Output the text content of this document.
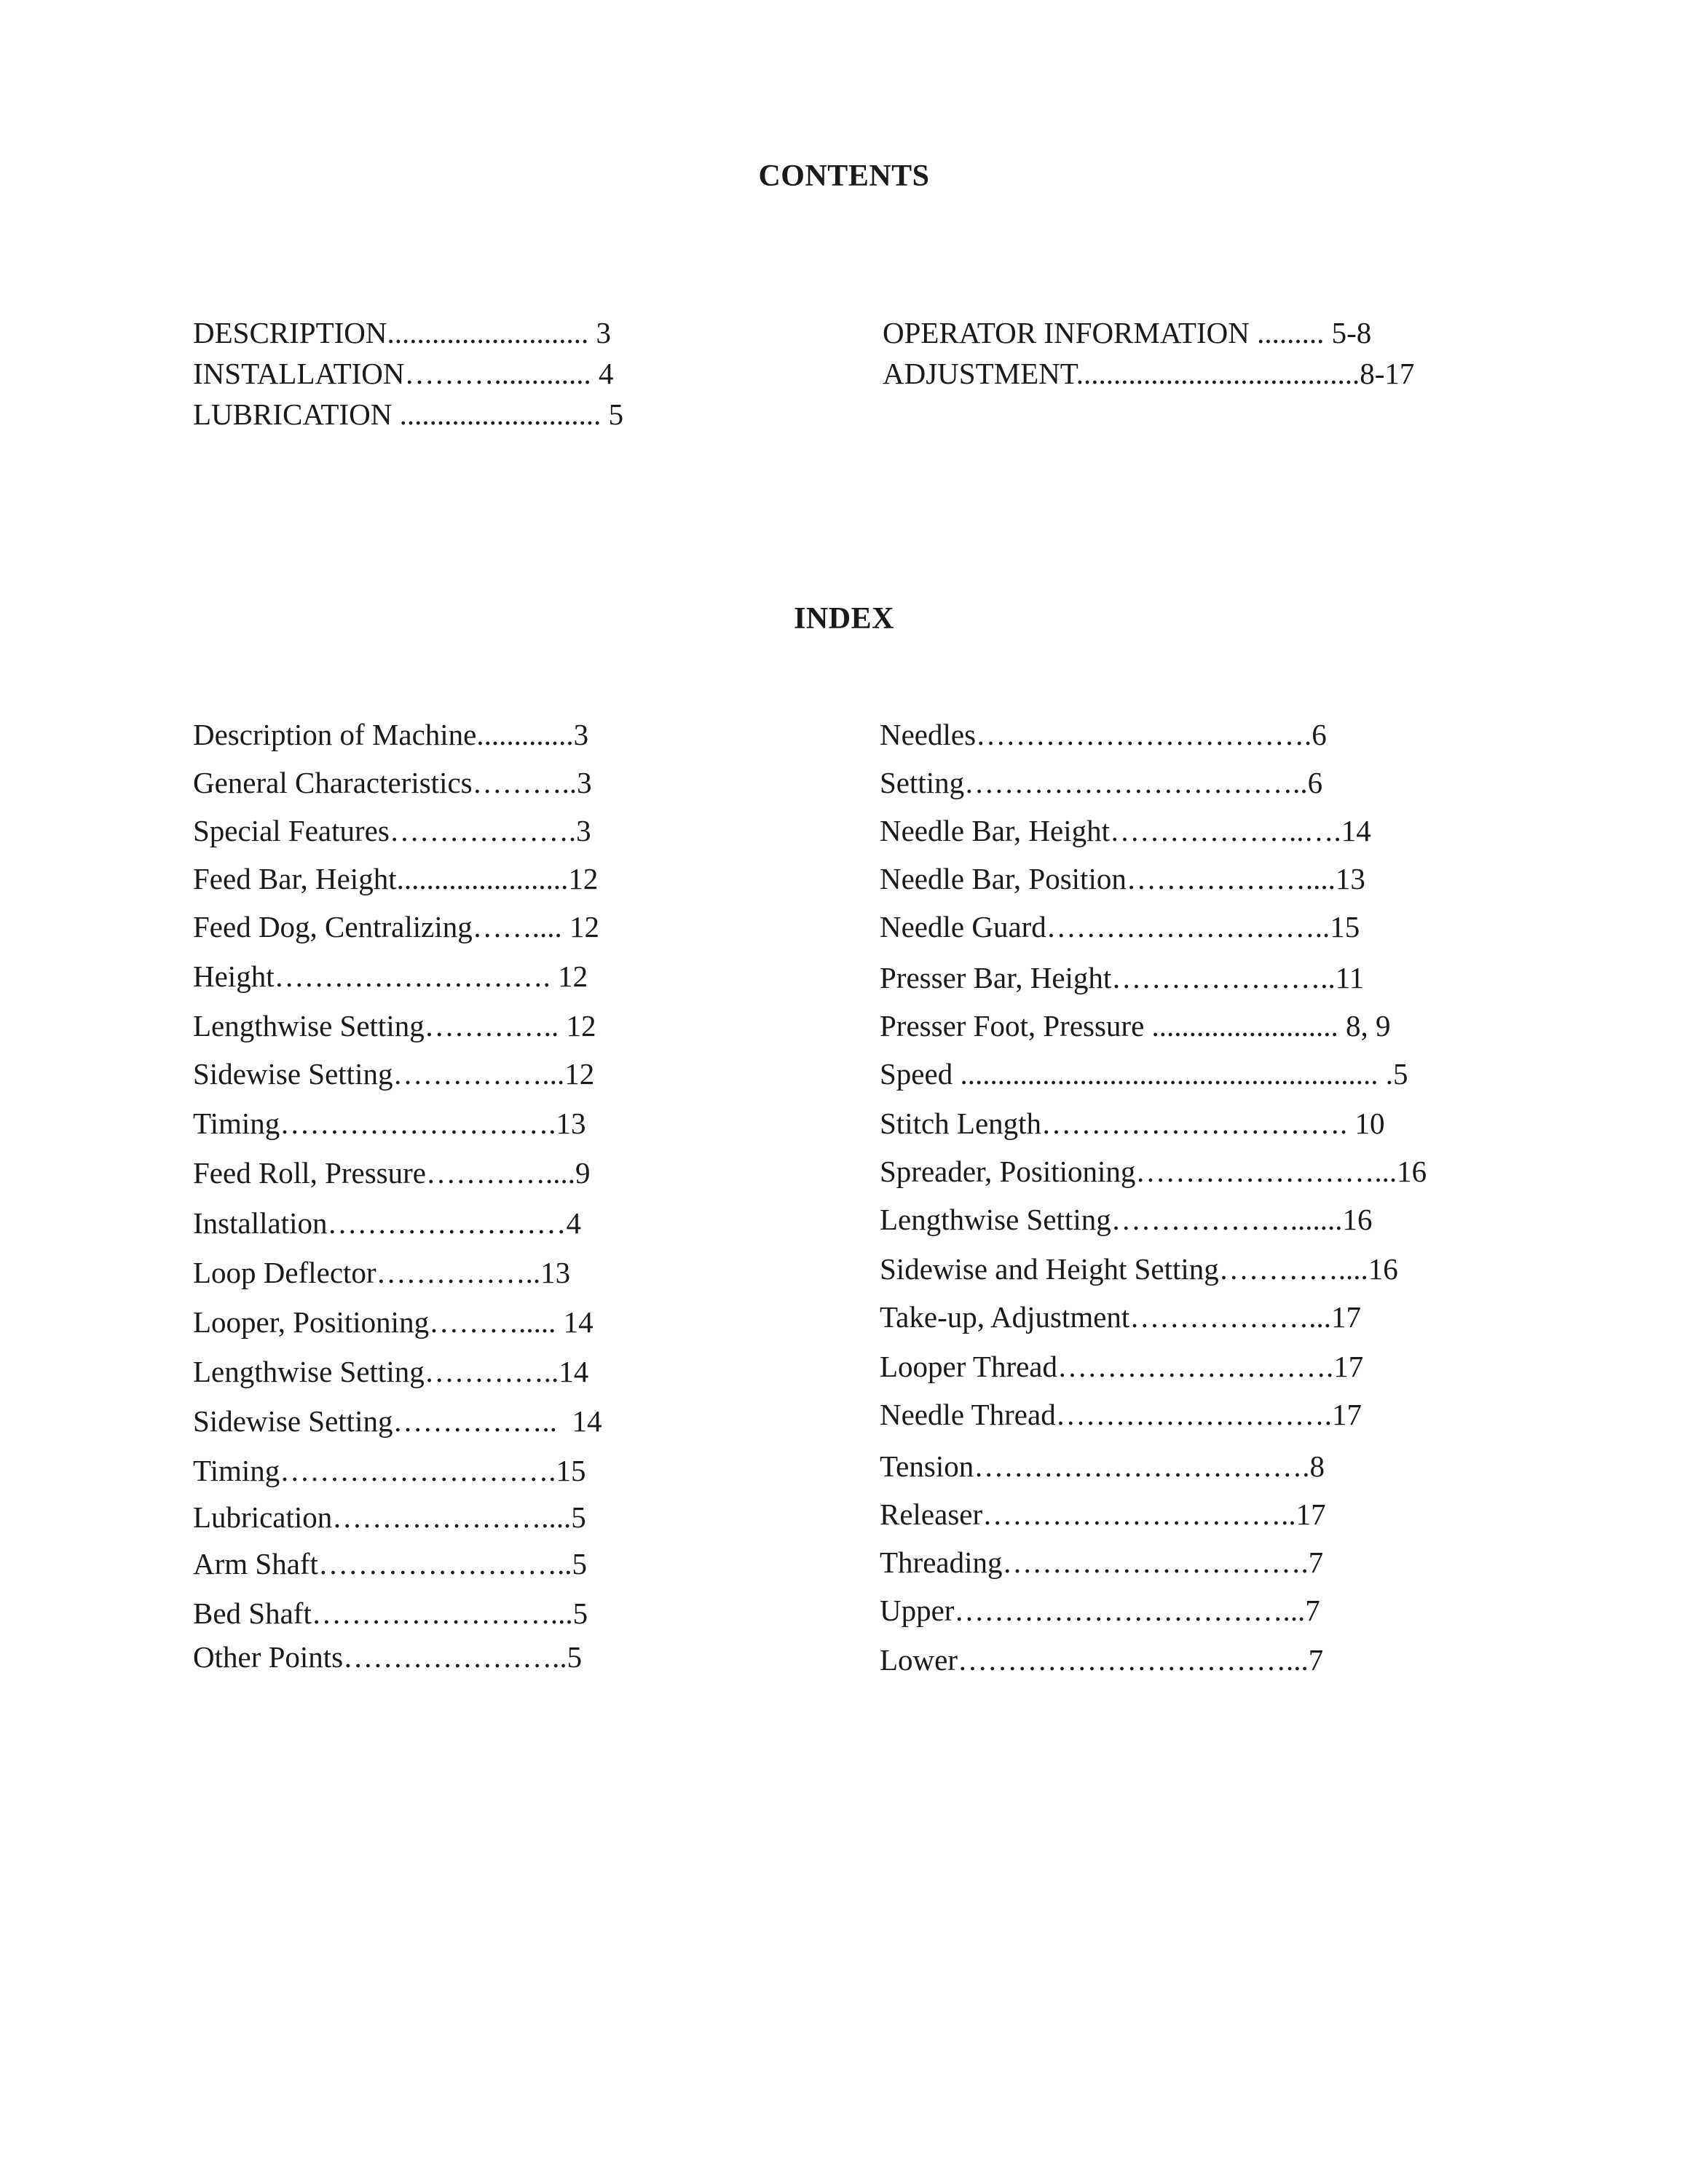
CONTENTS
DESCRIPTION........................... 3
INSTALLATION………............. 4
LUBRICATION ........................... 5
OPERATOR INFORMATION ......... 5-8
ADJUSTMENT......................................8-17
INDEX
Description of Machine.............3
General Characteristics………..3
Special Features……………….3
Feed Bar, Height.......................12
Feed Dog, Centralizing…….... 12
Height………………………. 12
Lengthwise Setting………….. 12
Sidewise Setting……………...12
Timing……………………….13
Feed Roll, Pressure…………....9
Installation……………………4
Loop Deflector……………..13
Looper, Positioning………..... 14
Lengthwise Setting…………..14
Sidewise Setting……………..  14
Timing……………………….15
Lubrication…………………....5
Arm Shaft……………………..5
Bed Shaft……………………...5
Other Points…………………..5
Needles…………………………….6
Setting……………………………..6
Needle Bar, Height………………..….14
Needle Bar, Position………………....13
Needle Guard………………………..15
Presser Bar, Height…………………..11
Presser Foot, Pressure ......................... 8, 9
Speed ........................................................ .5
Stitch Length…………………………. 10
Spreader, Positioning……………………...16
Lengthwise Setting……………….......16
Sidewise and Height Setting…………....16
Take-up, Adjustment………………...17
Looper Thread……………………….17
Needle Thread……………………….17
Tension…………………………….8
Releaser…………………………..17
Threading………………………….7
Upper……………………………...7
Lower……………………………...7
